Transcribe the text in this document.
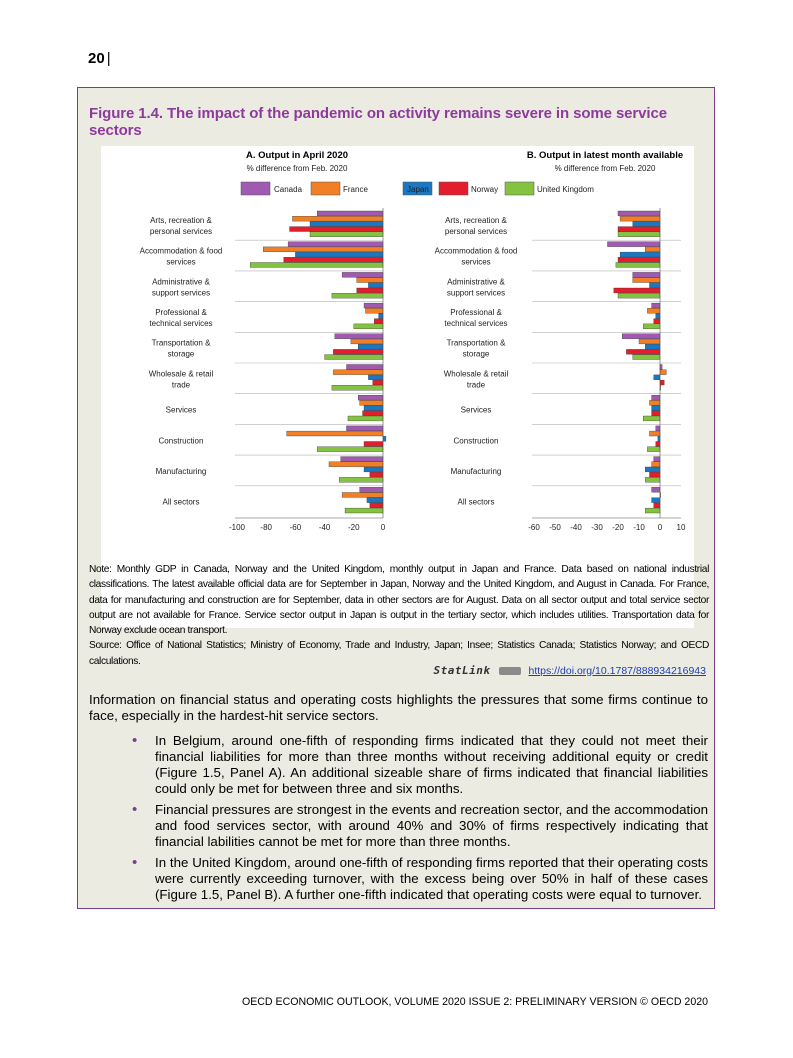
20 |
Figure 1.4. The impact of the pandemic on activity remains severe in some service sectors
Canada	France	Japan	Norway	United Kingdom
A. Output in April 2020
% difference from Feb. 2020
Arts, recreation &
personal services
Accommodation & food
services
Administrative &
support services
Professional &
technical services
Transportation &
storage
Wholesale & retail
trade
Services
Construction
Manufacturing
All sectors
-100 -80 -60 -40 -20	0
B. Output in latest month available
% difference from Feb. 2020
Arts, recreation &
personal services
Accommodation & food
services
Administrative &
support services
Professional &
technical services
Transportation &
storage
Wholesale & retail
trade
Services
Construction
Manufacturing
All sectors
-60 -50 -40 -30 -20 -10 0 10

Note: Monthly GDP in Canada, Norway and the United Kingdom, monthly output in Japan and France. Data based on national industrial classifications. The latest available official data are for September in Japan, Norway and the United Kingdom, and August in Canada. For France, data for manufacturing and construction are for September, data in other sectors are for August. Data on all sector output and total service sector output are not available for France. Service sector output in Japan is output in the tertiary sector, which includes utilities. Transportation data for Norway exclude ocean transport.

Source: Office of National Statistics; Ministry of Economy, Trade and Industry, Japan; Insee; Statistics Canada; Statistics Norway; and OECD calculations.

StatLink	https://doi.org/10.1787/888934216943

Information on financial status and operating costs highlights the pressures that some firms continue to face, especially in the hardest-hit service sectors.

• In Belgium, around one-fifth of responding firms indicated that they could not meet their financial liabilities for more than three months without receiving additional equity or credit (Figure 1.5, Panel A). An additional sizeable share of firms indicated that financial liabilities could only be met for between three and six months.
• Financial pressures are strongest in the events and recreation sector, and the accommodation and food services sector, with around 40% and 30% of firms respectively indicating that financial labilities cannot be met for more than three months.
• In the United Kingdom, around one-fifth of responding firms reported that their operating costs were currently exceeding turnover, with the excess being over 50% in half of these cases (Figure 1.5, Panel B). A further one-fifth indicated that operating costs were equal to turnover.
OECD ECONOMIC OUTLOOK, VOLUME 2020 ISSUE 2: PRELIMINARY VERSION © OECD 2020
